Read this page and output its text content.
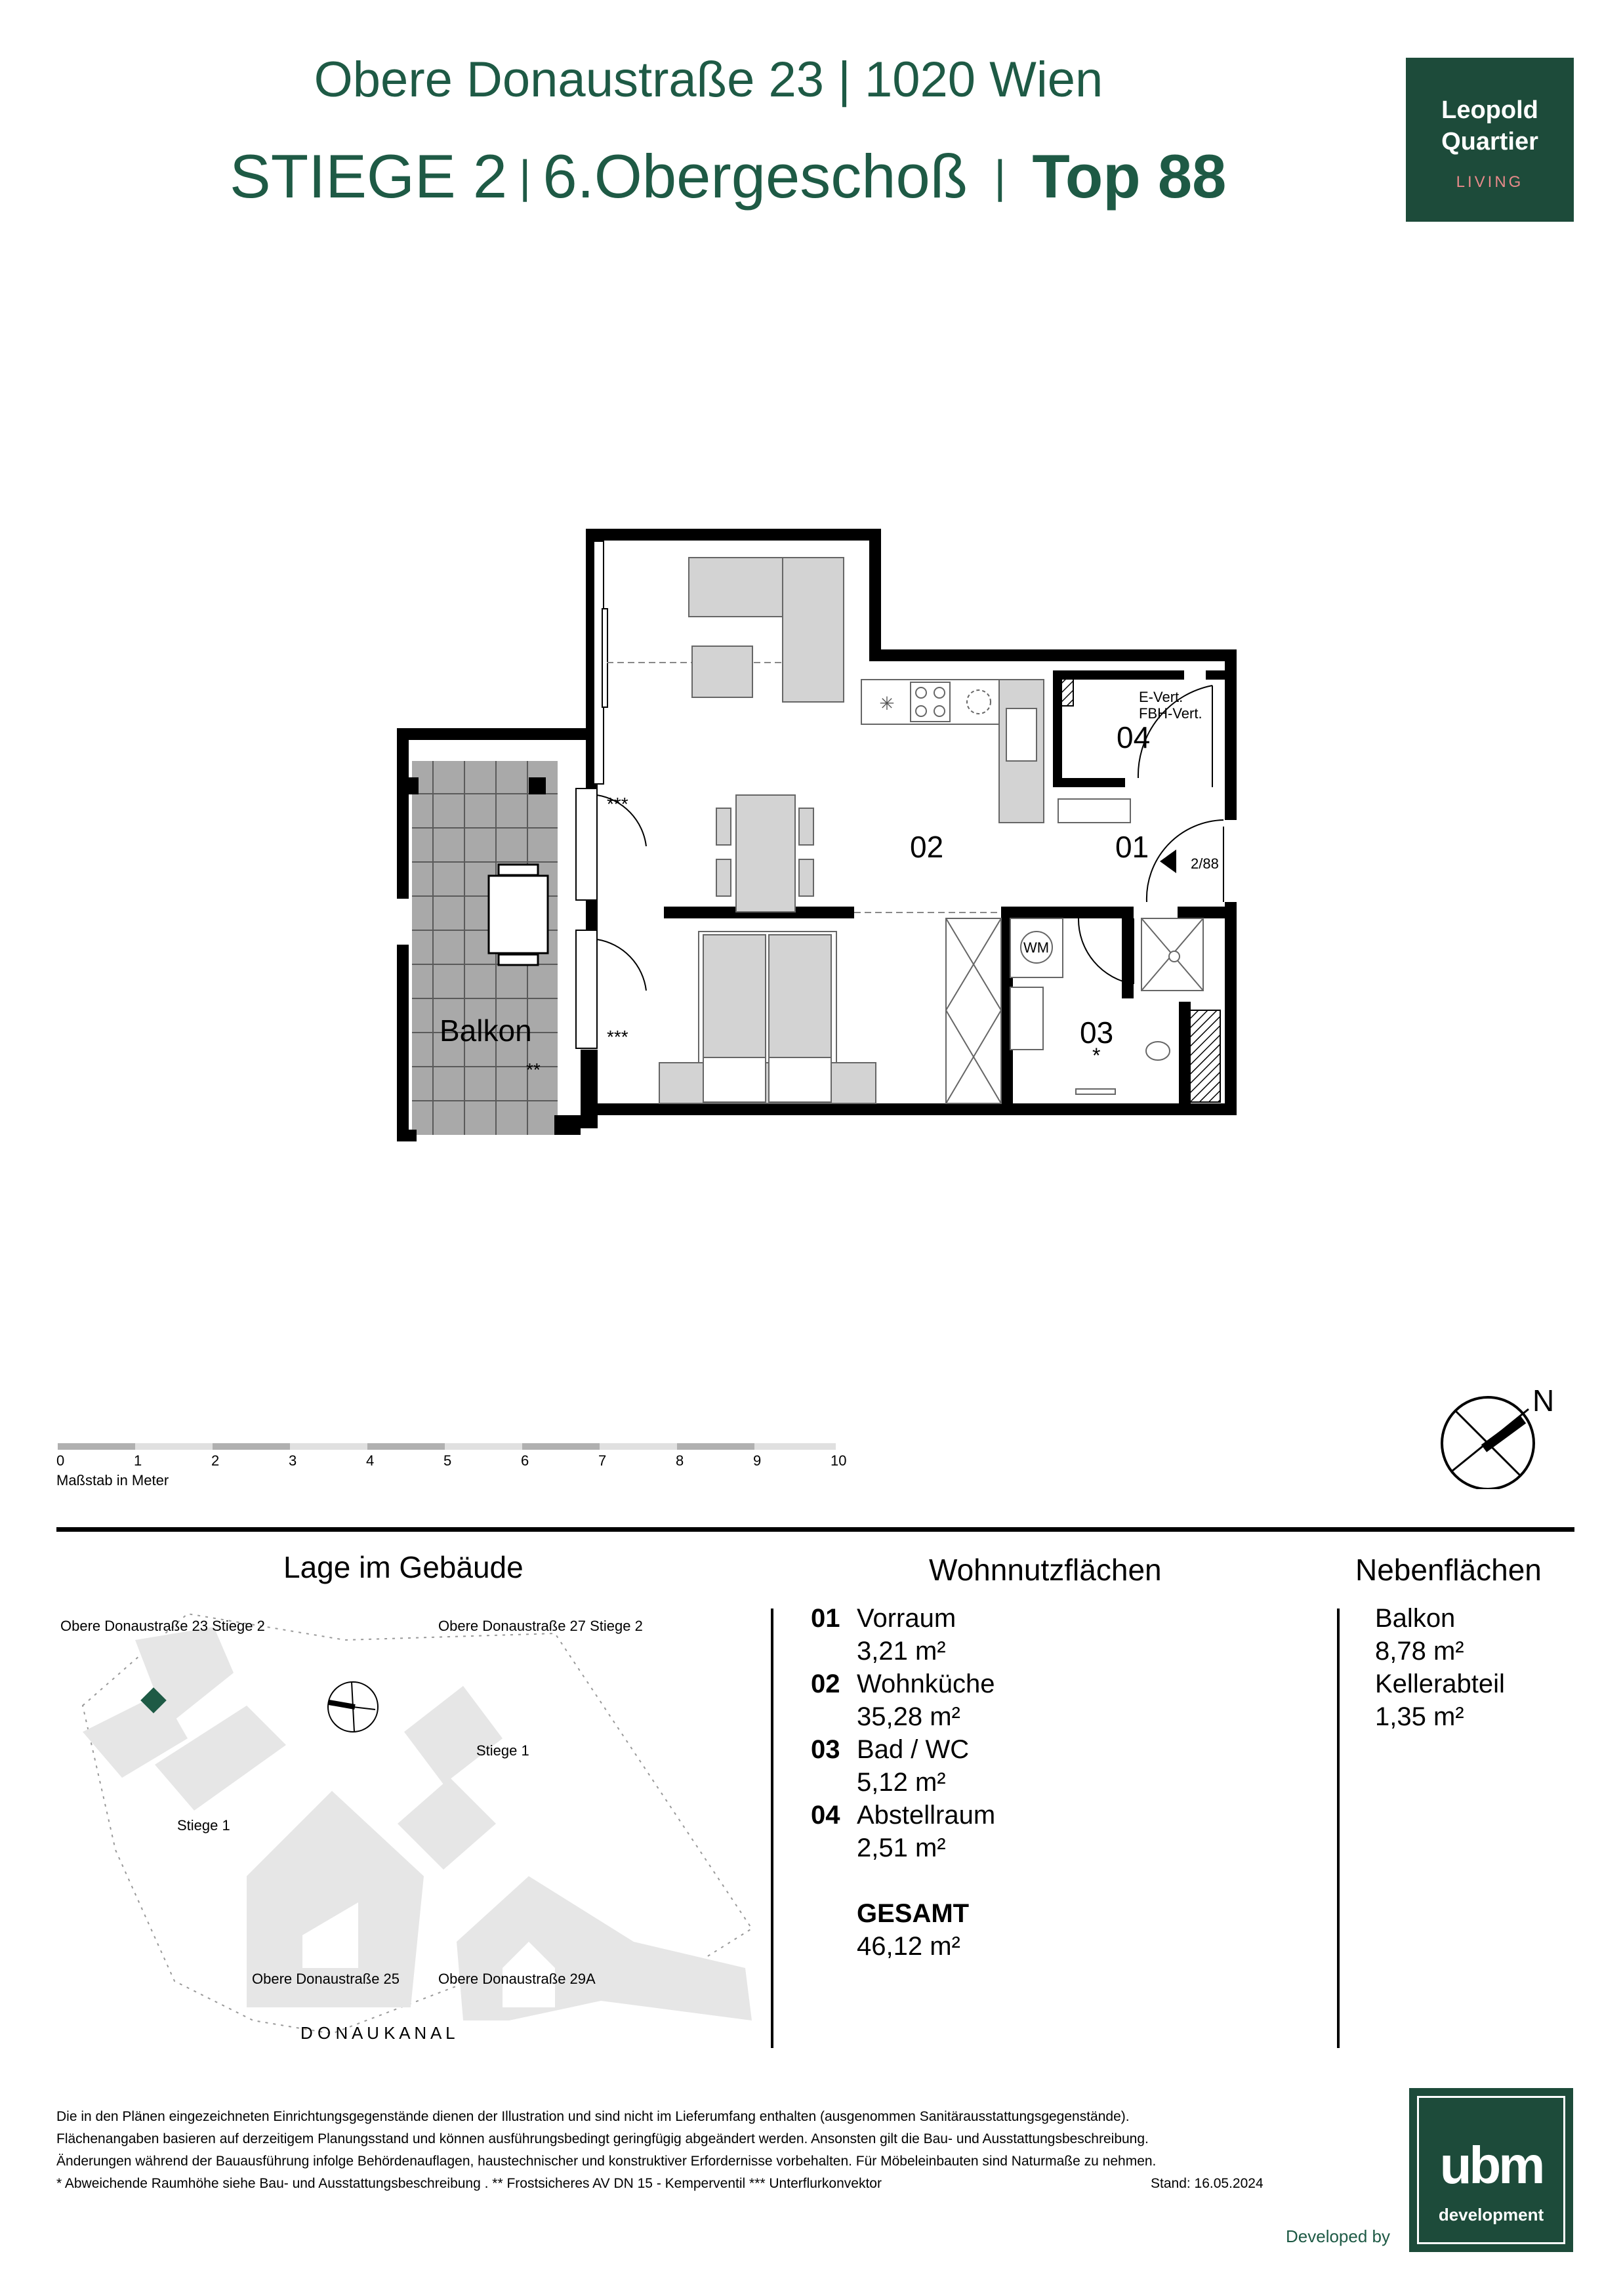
Obere Donaustraße 23 | 1020 Wien
STIEGE 2 | 6.Obergeschoß | Top 88
Leopold
Quartier
LIVING
✳
04
02	01
03
Balkon
E-Vert.
FBH-Vert.
2/88
WM
***
***
**
*
0	1	2	3	4	5	6	7	8	9	10
Maßstab in Meter
N
Lage im Gebäude
Obere Donaustraße 23 Stiege 2	Obere Donaustraße 27 Stiege 2
Stiege 1
Stiege 1
Obere Donaustraße 25	Obere Donaustraße 29A
D O N A U K A N A L
Wohnnutzflächen
01 Vorraum
3,21 m²
02 Wohnküche
35,28 m²
03 Bad / WC
5,12 m²
04 Abstellraum
2,51 m²
GESAMT
46,12 m²
Nebenflächen
Balkon
8,78 m²
Kellerabteil
1,35 m²
Die in den Plänen eingezeichneten Einrichtungsgegenstände dienen der Illustration und sind nicht im Lieferumfang enthalten (ausgenommen Sanitärausstattungsgegenstände).
Flächenangaben basieren auf derzeitigem Planungsstand und können ausführungsbedingt geringfügig abgeändert werden. Ansonsten gilt die Bau- und Ausstattungsbeschreibung.
Änderungen während der Bauausführung infolge Behördenauflagen, haustechnischer und konstruktiver Erfordernisse vorbehalten. Für Möbeleinbauten sind Naturmaße zu nehmen.
* Abweichende Raumhöhe siehe Bau- und Ausstattungsbeschreibung . ** Frostsicheres AV DN 15 - Kemperventil *** Unterflurkonvektor	Stand: 16.05.2024	ubm
development
Developed by
